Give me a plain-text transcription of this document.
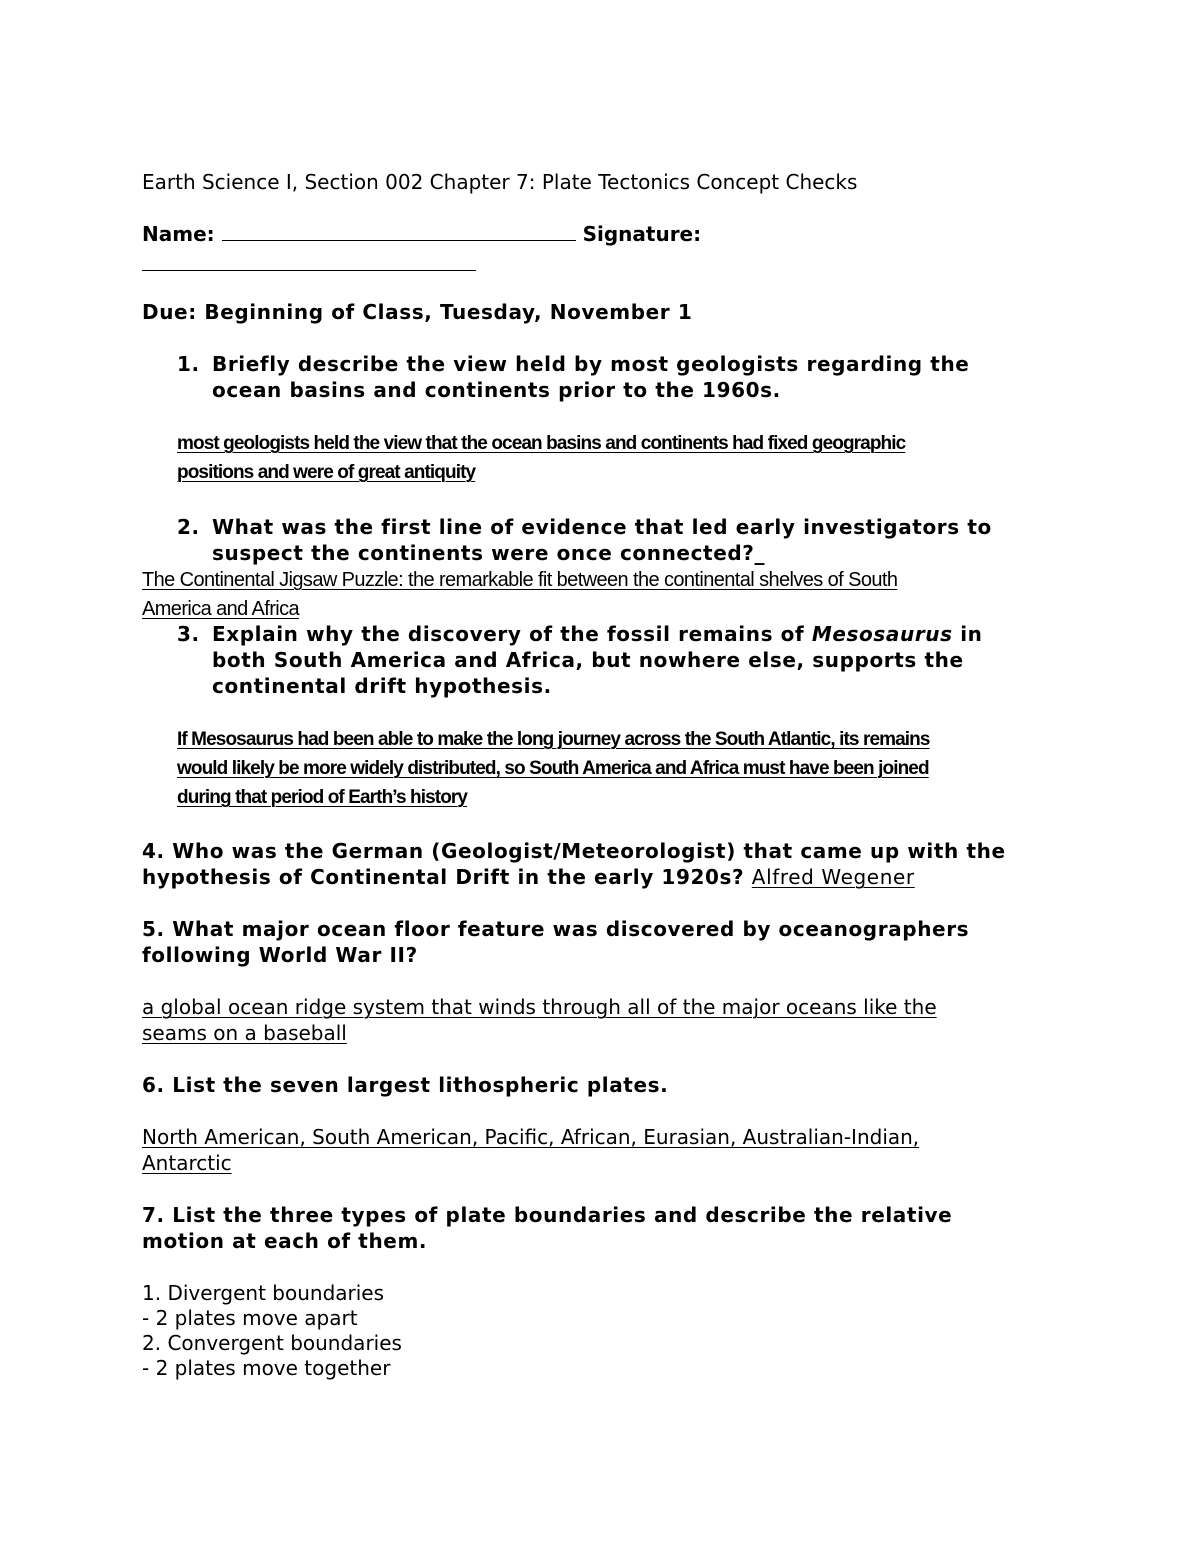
Earth Science I, Section 002 Chapter 7: Plate Tectonics Concept Checks
Name:	Signature:
Due: Beginning of Class, Tuesday, November 1
1. Briefly describe the view held by most geologists regarding the
ocean basins and continents prior to the 1960s.
most geologists held the view that the ocean basins and continents had fixed geographic
positions and were of great antiquity
2. What was the first line of evidence that led early investigators to
suspect the continents were once connected?_
The Continental Jigsaw Puzzle: the remarkable fit between the continental shelves of South
America and Africa
3. Explain why the discovery of the fossil remains of Mesosaurus in
both South America and Africa, but nowhere else, supports the
continental drift hypothesis.
If Mesosaurus had been able to make the long journey across the South Atlantic, its remains
would likely be more widely distributed, so South America and Africa must have been joined
during that period of Earth’s history
4. Who was the German (Geologist/Meteorologist) that came up with the
hypothesis of Continental Drift in the early 1920s? Alfred Wegener
5. What major ocean floor feature was discovered by oceanographers
following World War II?
a global ocean ridge system that winds through all of the major oceans like the
seams on a baseball
6. List the seven largest lithospheric plates.
North American, South American, Pacific, African, Eurasian, Australian-Indian,
Antarctic
7. List the three types of plate boundaries and describe the relative
motion at each of them.
1. Divergent boundaries
- 2 plates move apart
2. Convergent boundaries
- 2 plates move together
